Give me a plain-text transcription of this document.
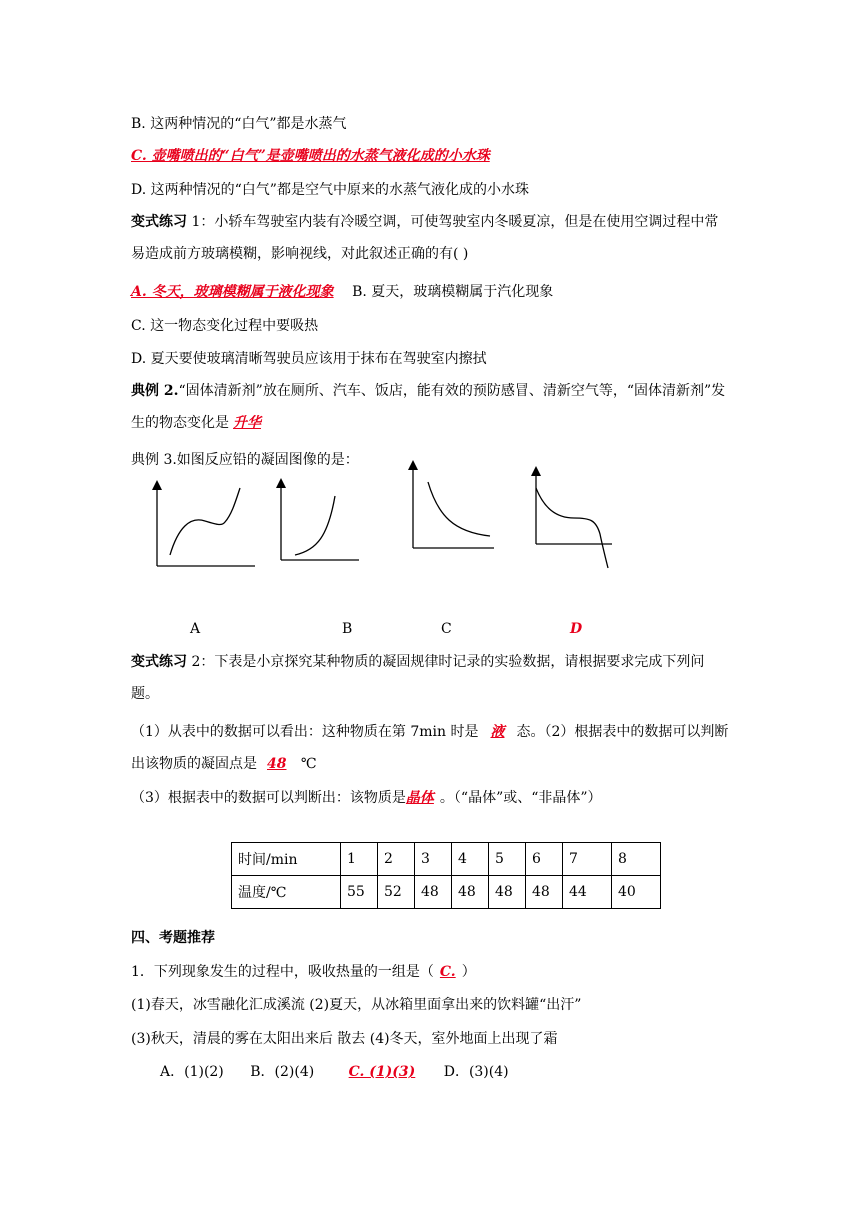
B. 这两种情况的“白气”都是水蒸气
C. 壶嘴喷出的“白气”是壶嘴喷出的水蒸气液化成的小水珠
D. 这两种情况的“白气”都是空气中原来的水蒸气液化成的小水珠
变式练习 1：小轿车驾驶室内装有冷暖空调，可使驾驶室内冬暖夏凉，但是在使用空调过程中常易造成前方玻璃模糊，影响视线，对此叙述正确的有( )
A. 冬天，玻璃模糊属于液化现象 B. 夏天，玻璃模糊属于汽化现象
C. 这一物态变化过程中要吸热
D. 夏天要使玻璃清晰驾驶员应该用于抹布在驾驶室内擦拭
典例 2.“固体清新剂”放在厕所、汽车、饭店，能有效的预防感冒、清新空气等，“固体清新剂”发生的物态变化是 升华
典例 3.如图反应铅的凝固图像的是：
A	B	C	D
变式练习 2：下表是小京探究某种物质的凝固规律时记录的实验数据，请根据要求完成下列问题。
（1）从表中的数据可以看出：这种物质在第 7min 时是 液 态。（2）根据表中的数据可以判断出该物质的凝固点是 48 ℃
（3）根据表中的数据可以判断出：该物质是晶体 。（“晶体”或、“非晶体”）
时间/min	1	2	3	4	5	6	7	8
温度/℃	55	52	48	48	48	48	44	40
四、考题推荐
1．下列现象发生的过程中，吸收热量的一组是（ C. ）
(1)春天，冰雪融化汇成溪流 (2)夏天，从冰箱里面拿出来的饮料罐“出汗”
(3)秋天，清晨的雾在太阳出来后 散去 (4)冬天，室外地面上出现了霜
A．(1)(2) B．(2)(4) C. (1)(3) D．(3)(4)
